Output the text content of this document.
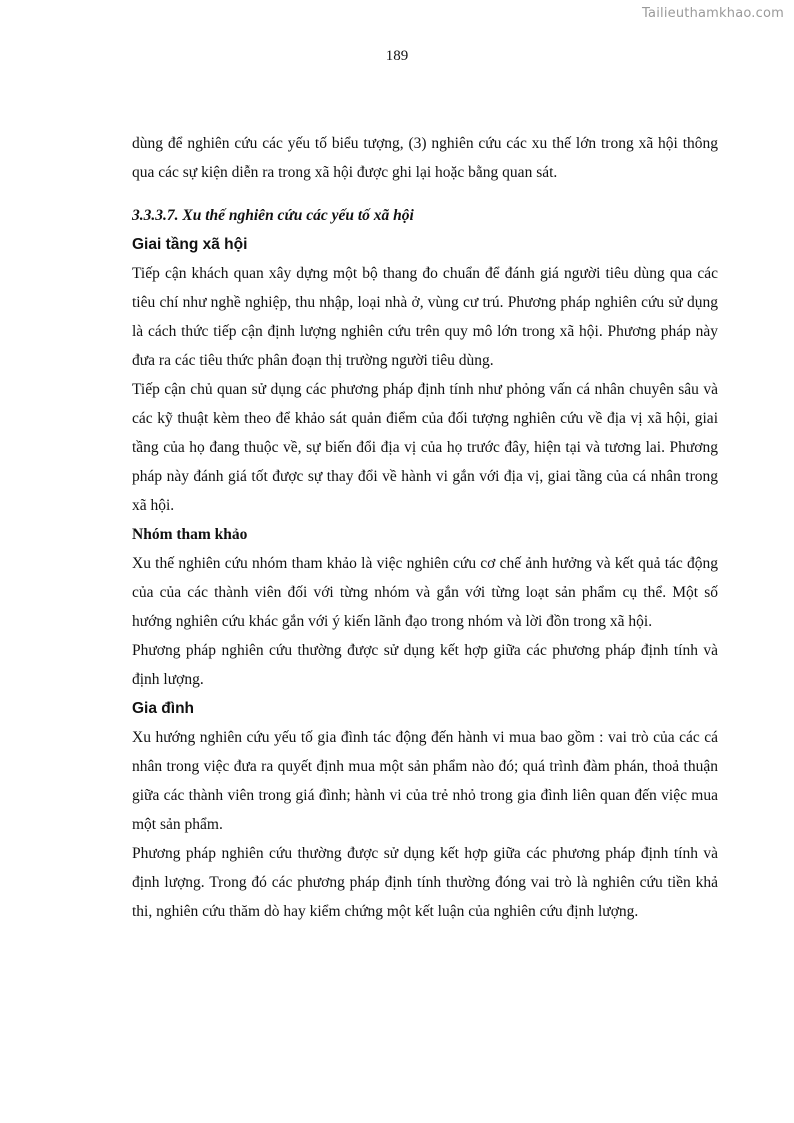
Tailieuthamkhao.com
189

dùng để nghiên cứu các yếu tố biểu tượng, (3) nghiên cứu các xu thế lớn trong xã hội thông qua các sự kiện diễn ra trong xã hội được ghi lại hoặc bằng quan sát.

3.3.3.7. Xu thế nghiên cứu các yếu tố xã hội

Giai tầng xã hội

Tiếp cận khách quan xây dựng một bộ thang đo chuẩn để đánh giá người tiêu dùng qua các tiêu chí như nghề nghiệp, thu nhập, loại nhà ở, vùng cư trú. Phương pháp nghiên cứu sử dụng là cách thức tiếp cận định lượng nghiên cứu trên quy mô lớn trong xã hội. Phương pháp này đưa ra các tiêu thức phân đoạn thị trường người tiêu dùng.

Tiếp cận chủ quan sử dụng các phương pháp định tính như phỏng vấn cá nhân chuyên sâu và các kỹ thuật kèm theo để khảo sát quản điểm của đối tượng nghiên cứu về địa vị xã hội, giai tầng của họ đang thuộc về, sự biến đổi địa vị của họ trước đây, hiện tại và tương lai. Phương pháp này đánh giá tốt được sự thay đổi về hành vi gắn với địa vị, giai tầng của cá nhân trong xã hội.

Nhóm tham khảo

Xu thế nghiên cứu nhóm tham khảo là việc nghiên cứu cơ chế ảnh hưởng và kết quả tác động của của các thành viên đối với từng nhóm và gắn với từng loạt sản phẩm cụ thể. Một số hướng nghiên cứu khác gắn với ý kiến lãnh đạo trong nhóm và lời đồn trong xã hội.

Phương pháp nghiên cứu thường được sử dụng kết hợp giữa các phương pháp định tính và định lượng.

Gia đình

Xu hướng nghiên cứu yếu tố gia đình tác động đến hành vi mua bao gồm : vai trò của các cá nhân trong việc đưa ra quyết định mua một sản phẩm nào đó; quá trình đàm phán, thoả thuận giữa các thành viên trong giá đình; hành vi của trẻ nhỏ trong gia đình liên quan đến việc mua một sản phẩm.

Phương pháp nghiên cứu thường được sử dụng kết hợp giữa các phương pháp định tính và định lượng. Trong đó các phương pháp định tính thường đóng vai trò là nghiên cứu tiền khả thi, nghiên cứu thăm dò hay kiểm chứng một kết luận của nghiên cứu định lượng.
